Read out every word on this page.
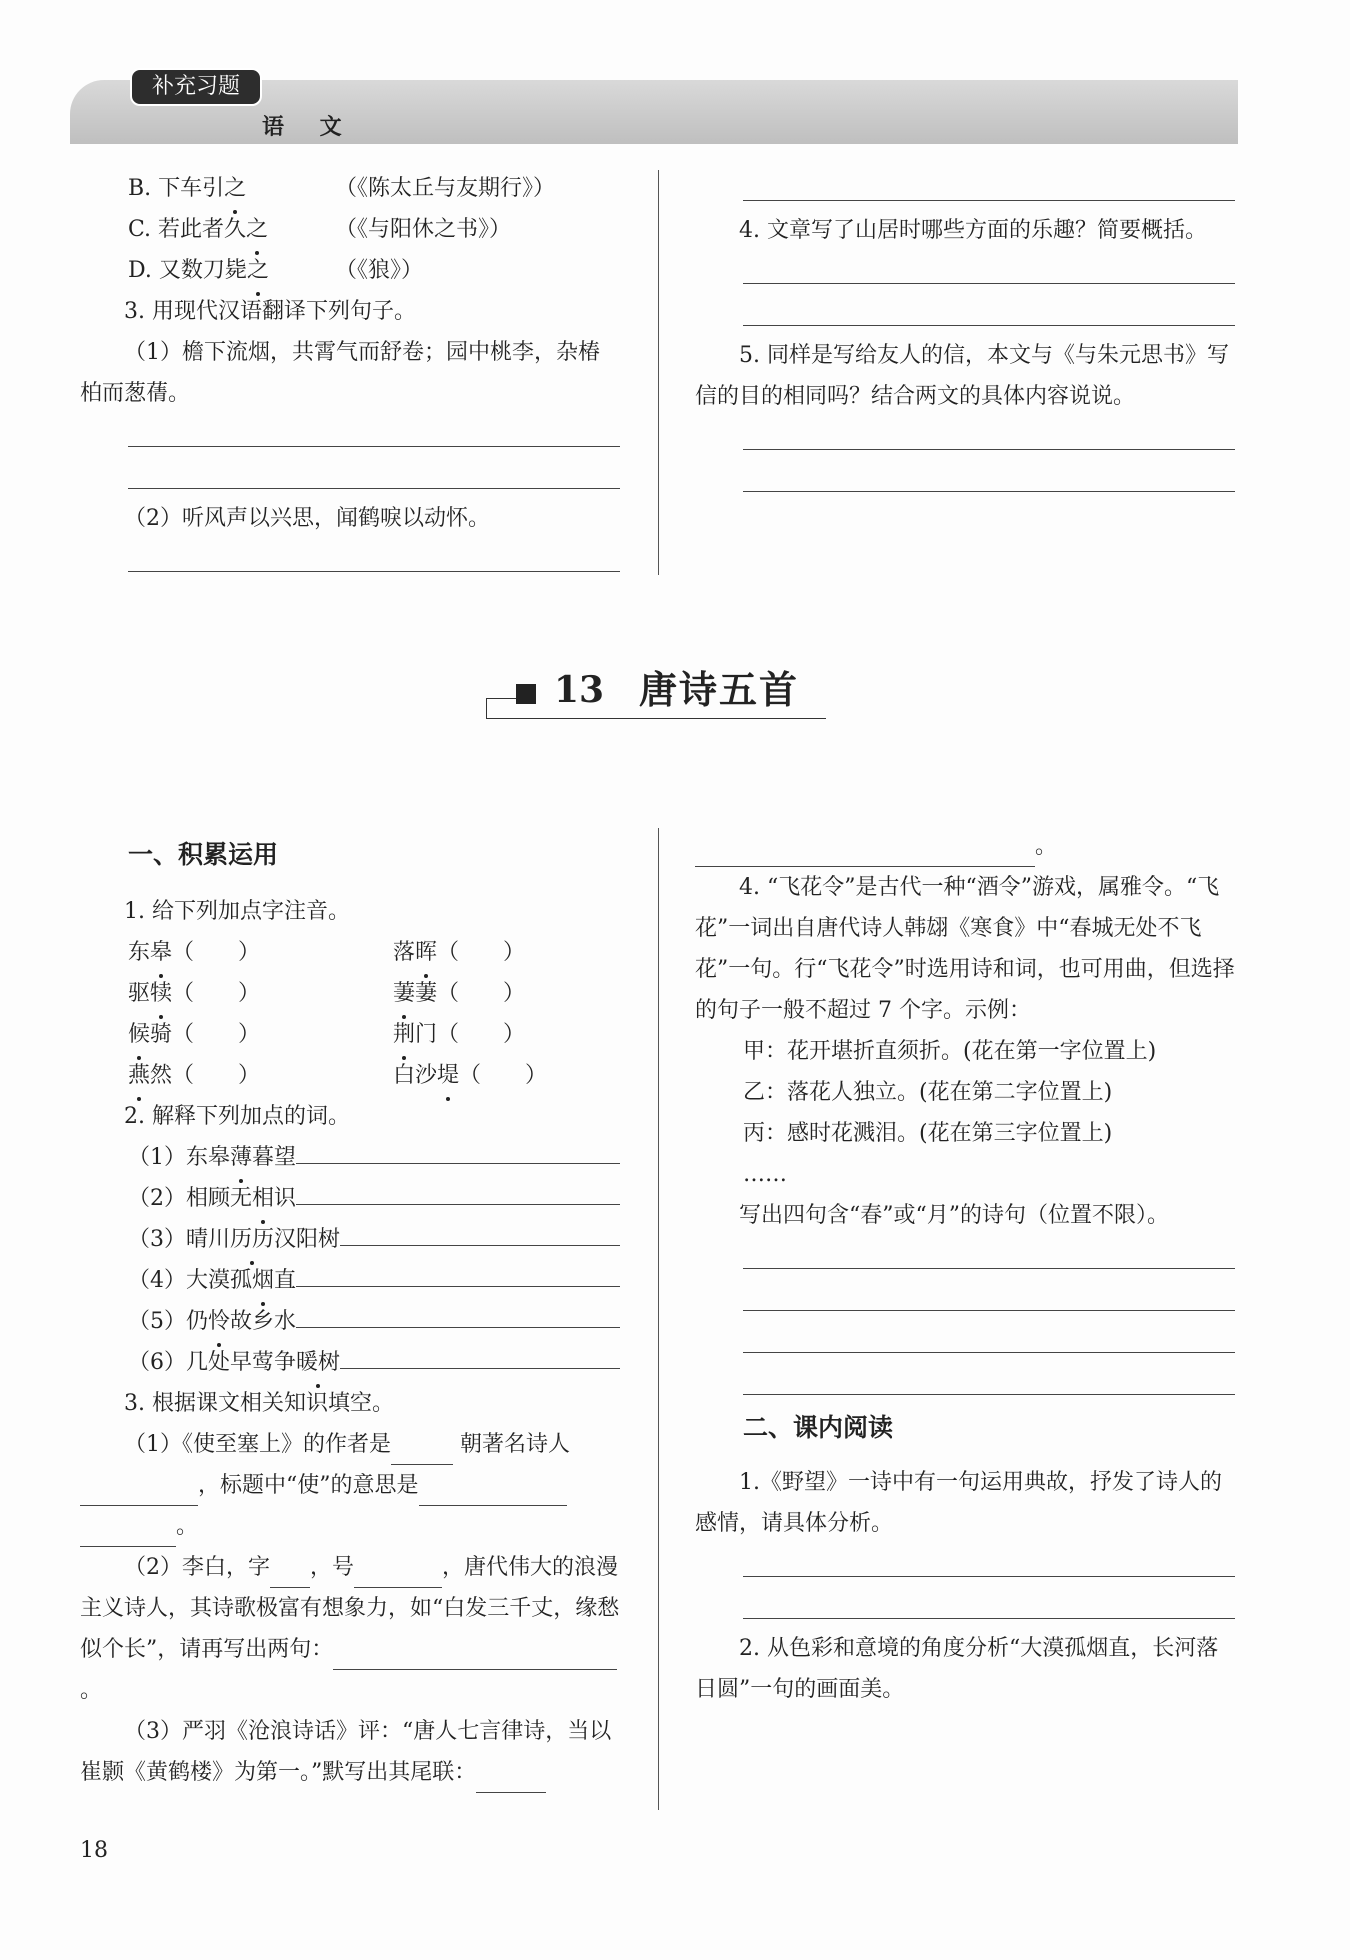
补充习题
语 文

B. 下车引之	（《陈太丘与友期行》）

C. 若此者久之	（《与阳休之书》）

D. 又数刀毙之	（《狼》）

3. 用现代汉语翻译下列句子。

（1）檐下流烟，共霄气而舒卷；园中桃李，杂椿柏而葱蒨。

（2）听风声以兴思，闻鹤唳以动怀。

4. 文章写了山居时哪些方面的乐趣？简要概括。

5. 同样是写给友人的信，本文与《与朱元思书》写信的目的相同吗？结合两文的具体内容说说。

13 唐诗五首

一、积累运用

1. 给下列加点字注音。

东皋（　　）	落晖（　　）
驱犊（　　）	萋萋（　　）
候骑（　　）	荆门（　　）
燕然（　　）	白沙堤（　　）

2. 解释下列加点的词。

（1）东皋 薄 暮望
（2）相顾无 相 识
（3）晴川 历历 汉阳树
（4）大漠孤 烟 直
（5）仍 怜 故乡水
（6）几处早莺争 暖树

3. 根据课文相关知识填空。

（1）《使至塞上》的作者是	朝著名诗人，标题中“使”的意思是。

（2）李白，字 ，号	，唐代伟大的浪漫主义诗人，其诗歌极富有想象力，如“白发三千丈，缘愁似个长”，请再写出两句：。

（3）严羽《沧浪诗话》评：“唐人七言律诗，当以崔颢《黄鹤楼》为第一。”默写出其尾联：

。

4. “飞花令”是古代一种“酒令”游戏，属雅令。“飞花”一词出自唐代诗人韩翃《寒食》中“春城无处不飞花”一句。行“飞花令”时选用诗和词，也可用曲，但选择的句子一般不超过 7 个字。示例：

甲：花开堪折直须折。(花在第一字位置上)

乙：落花人独立。(花在第二字位置上)

丙：感时花溅泪。(花在第三字位置上)

……

写出四句含“春”或“月”的诗句（位置不限）。

二、课内阅读

1.《野望》一诗中有一句运用典故，抒发了诗人的感情，请具体分析。

2. 从色彩和意境的角度分析“大漠孤烟直，长河落日圆”一句的画面美。

18
